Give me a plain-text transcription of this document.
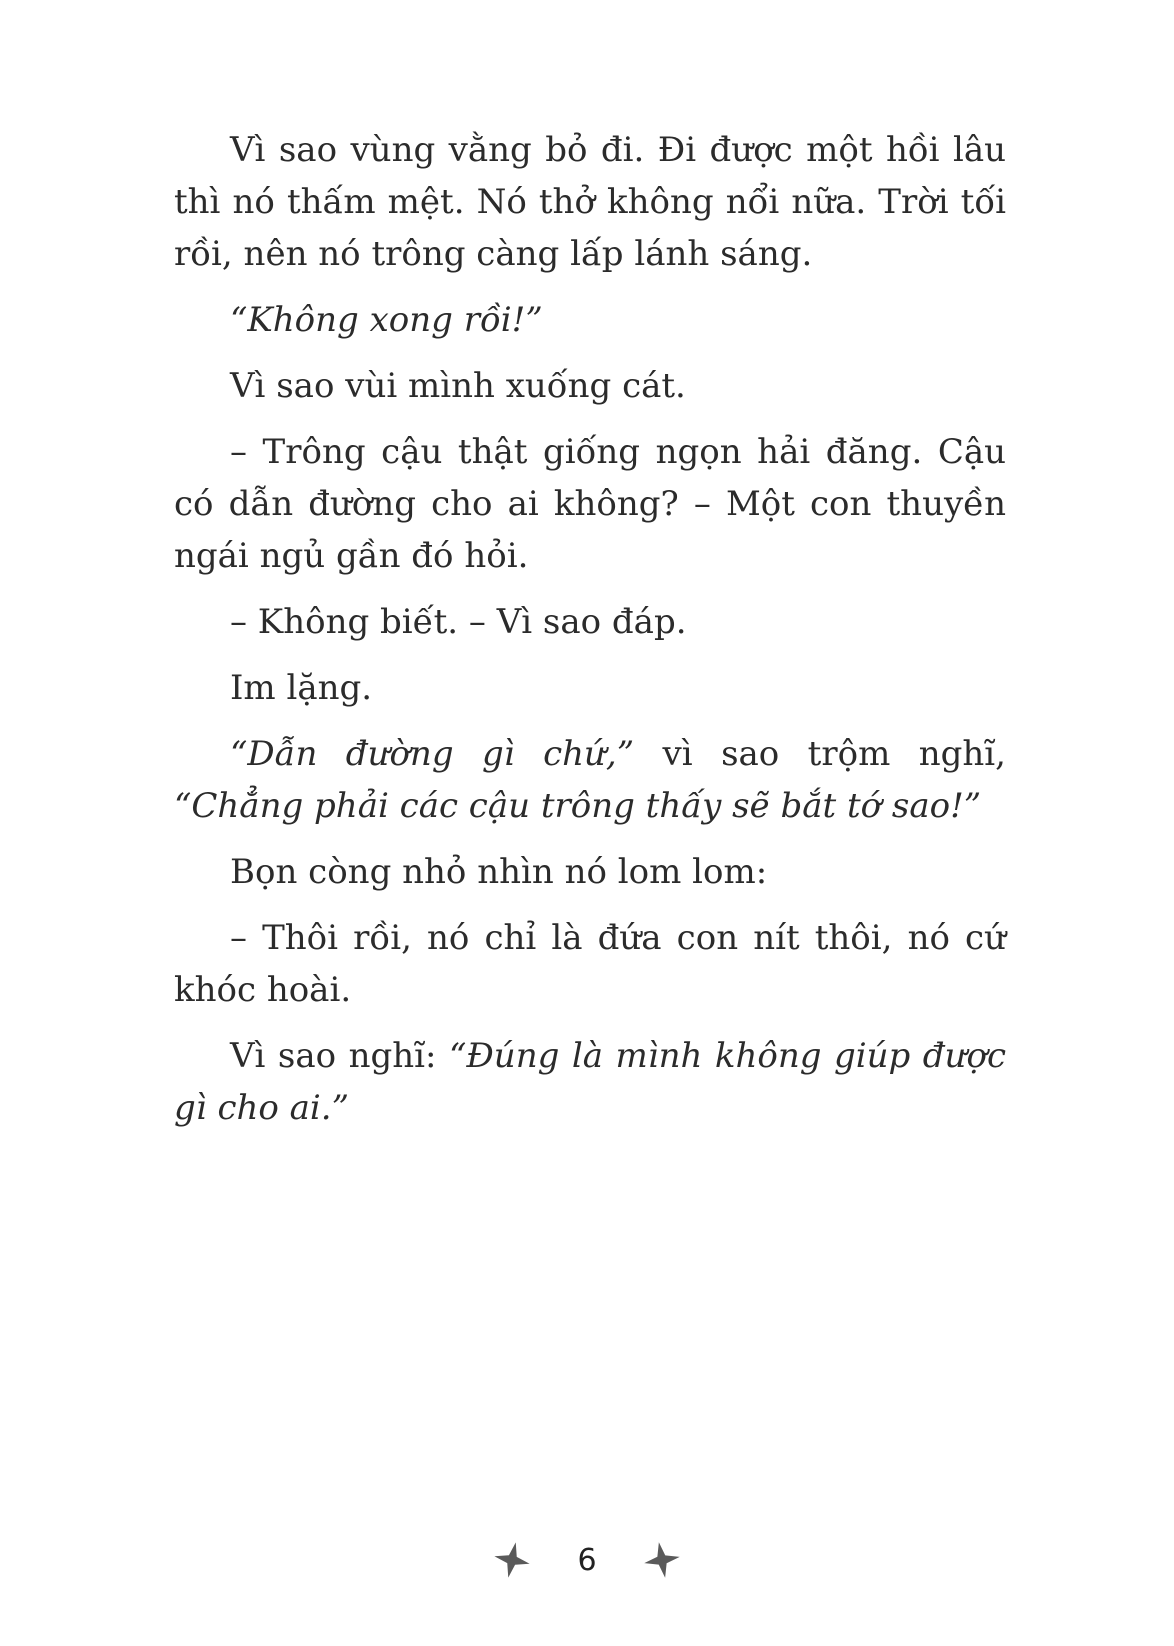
Vì sao vùng vằng bỏ đi. Đi được một hồi lâu thì nó thấm mệt. Nó thở không nổi nữa. Trời tối rồi, nên nó trông càng lấp lánh sáng.

“Không xong rồi!”

Vì sao vùi mình xuống cát.

– Trông cậu thật giống ngọn hải đăng. Cậu có dẫn đường cho ai không? – Một con thuyền ngái ngủ gần đó hỏi.

– Không biết. – Vì sao đáp.

Im lặng.

“Dẫn đường gì chứ,” vì sao trộm nghĩ, “Chẳng phải các cậu trông thấy sẽ bắt tớ sao!”

Bọn còng nhỏ nhìn nó lom lom:

– Thôi rồi, nó chỉ là đứa con nít thôi, nó cứ khóc hoài.

Vì sao nghĩ: “Đúng là mình không giúp được gì cho ai.”

6
